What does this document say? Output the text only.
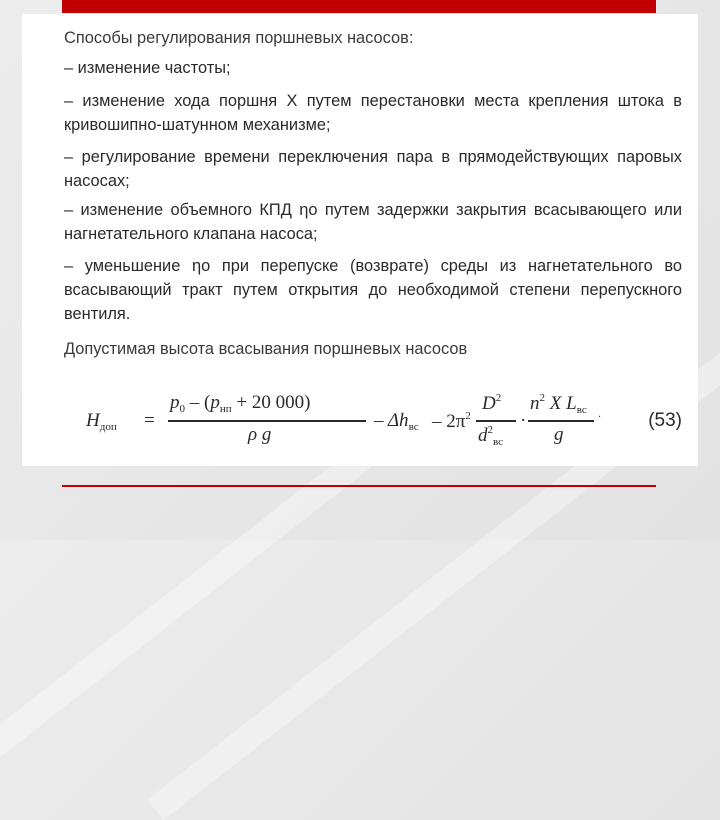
Способы регулирования поршневых насосов:

– изменение частоты;

– изменение хода поршня X путем перестановки места крепления штока в кривошипно-шатунном механизме;

– регулирование времени переключения пара в прямодействующих паровых насосах;

– изменение объемного КПД ηо путем задержки закрытия всасывающего или нагнетательного клапана насоса;

– уменьшение ηо при перепуске (возврате) среды из нагнетательного во всасывающий тракт путем открытия до необходимой степени перепускного вентиля.

Допустимая высота всасывания поршневых насосов

$H_{доп}$ =
$p_0 - (p_{нп} + 20$ 000)
ρ g
– $\Delta h_{вс} - 2\pi^2$
$D^2$
$d^2_{вс}$
·
$n^2$ X $L_{вс}$
g
. (53)
